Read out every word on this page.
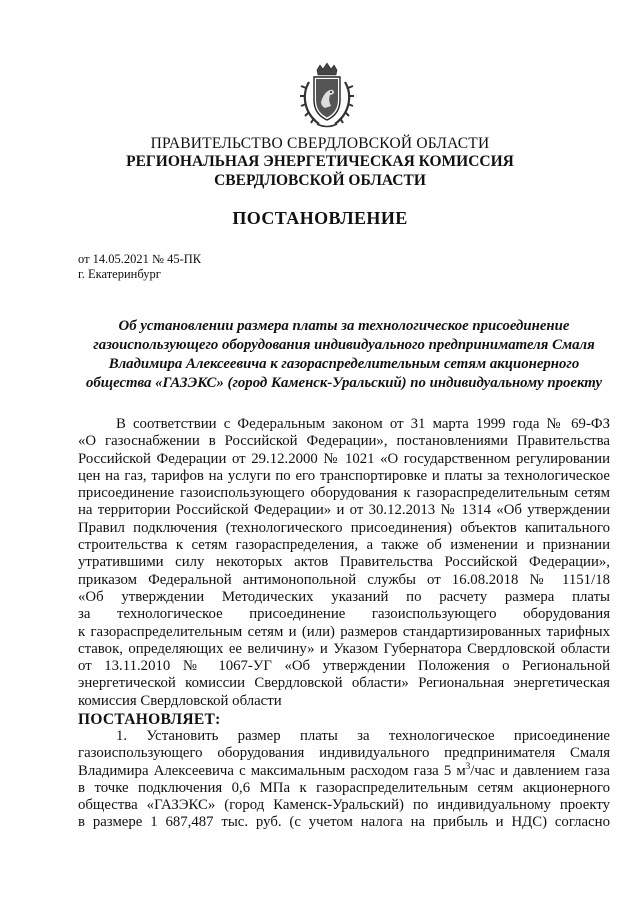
ПРАВИТЕЛЬСТВО СВЕРДЛОВСКОЙ ОБЛАСТИ
РЕГИОНАЛЬНАЯ ЭНЕРГЕТИЧЕСКАЯ КОМИССИЯ
СВЕРДЛОВСКОЙ ОБЛАСТИ
ПОСТАНОВЛЕНИЕ
от 14.05.2021 № 45-ПК
г. Екатеринбург
Об установлении размера платы за технологическое присоединение
газоиспользующего оборудования индивидуального предпринимателя Смаля
Владимира Алексеевича к газораспределительным сетям акционерного
общества «ГАЗЭКС» (город Каменск-Уральский) по индивидуальному проекту
В соответствии с Федеральным законом от 31 марта 1999 года № 69-ФЗ
«О газоснабжении в Российской Федерации», постановлениями Правительства
Российской Федерации от 29.12.2000 № 1021 «О государственном регулировании
цен на газ, тарифов на услуги по его транспортировке и платы за технологическое
присоединение газоиспользующего оборудования к газораспределительным сетям
на территории Российской Федерации» и от 30.12.2013 № 1314 «Об утверждении
Правил подключения (технологического присоединения) объектов капитального
строительства к сетям газораспределения, а также об изменении и признании
утратившими силу некоторых актов Правительства Российской Федерации»,
приказом Федеральной антимонопольной службы от 16.08.2018 № 1151/18
«Об утверждении Методических указаний по расчету размера платы
за технологическое присоединение газоиспользующего оборудования
к газораспределительным сетям и (или) размеров стандартизированных тарифных
ставок, определяющих ее величину» и Указом Губернатора Свердловской области
от 13.11.2010 № 1067-УГ «Об утверждении Положения о Региональной
энергетической комиссии Свердловской области» Региональная энергетическая
комиссия Свердловской области
ПОСТАНОВЛЯЕТ:
1. Установить размер платы за технологическое присоединение
газоиспользующего оборудования индивидуального предпринимателя Смаля
Владимира Алексеевича с максимальным расходом газа 5 $м^3$/час и давлением газа
в точке подключения 0,6 МПа к газораспределительным сетям акционерного
общества «ГАЗЭКС» (город Каменск-Уральский) по индивидуальному проекту
в размере 1 687,487 тыс. руб. (с учетом налога на прибыль и НДС) согласно
